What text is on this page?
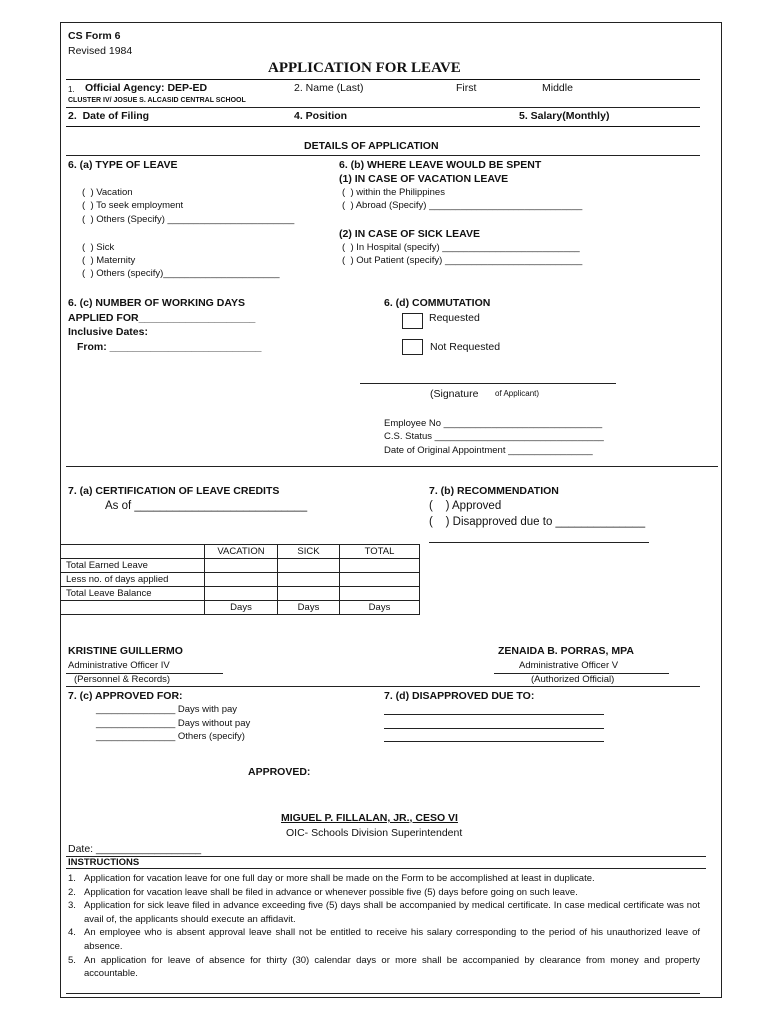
CS Form 6
Revised 1984
APPLICATION FOR LEAVE
1. Official Agency: DEP-ED
CLUSTER IV/ JOSUE S. ALCASID CENTRAL SCHOOL
2. Name (Last)	First	Middle
2.  Date of Filing	4. Position	5. Salary(Monthly)
DETAILS OF APPLICATION
6. (a) TYPE OF LEAVE
(  ) Vacation
(  ) To seek employment
(  ) Others (Specify) ________________________
(  ) Sick
(  ) Maternity
(  ) Others (specify)______________________
6. (b) WHERE LEAVE WOULD BE SPENT
(1) IN CASE OF VACATION LEAVE
(  ) within the Philippines
(  ) Abroad (Specify) _____________________________
(2) IN CASE OF SICK LEAVE
(  ) In Hospital (specify) __________________________
(  ) Out Patient (specify) __________________________
6. (c) NUMBER OF WORKING DAYS
APPLIED FOR____________________
Inclusive Dates:
From: __________________________
6. (d) COMMUTATION
Requested
Not Requested
(Signature of Applicant)
Employee No ______________________________
C.S. Status ________________________________
Date of Original Appointment ________________
7. (a) CERTIFICATION OF LEAVE CREDITS
As of ___________________________
	VACATION	SICK	TOTAL
Total Earned Leave			
Less no. of days applied			
Total Leave Balance			
	Days	Days	Days
7. (b) RECOMMENDATION
(    ) Approved
(    ) Disapproved due to ______________
KRISTINE GUILLERMO
Administrative Officer IV
(Personnel & Records)
ZENAIDA B. PORRAS, MPA
Administrative Officer V
(Authorized Official)
7. (c) APPROVED FOR:
_______________ Days with pay
_______________ Days without pay
_______________ Others (specify)
7. (d) DISAPPROVED DUE TO:
APPROVED:
MIGUEL P. FILLALAN, JR., CESO VI
OIC- Schools Division Superintendent
Date: __________________
INSTRUCTIONS
1. Application for vacation leave for one full day or more shall be made on the Form to be accomplished at least in duplicate.
2. Application for vacation leave shall be filed in advance or whenever possible five (5) days before going on such leave.
3. Application for sick leave filed in advance exceeding five (5) days shall be accompanied by medical certificate. In case medical certificate was not avail of, the applicants should execute an affidavit.
4. An employee who is absent approval leave shall not be entitled to receive his salary corresponding to the period of his unauthorized leave of absence.
5. An application for leave of absence for thirty (30) calendar days or more shall be accompanied by clearance from money and property accountable.
